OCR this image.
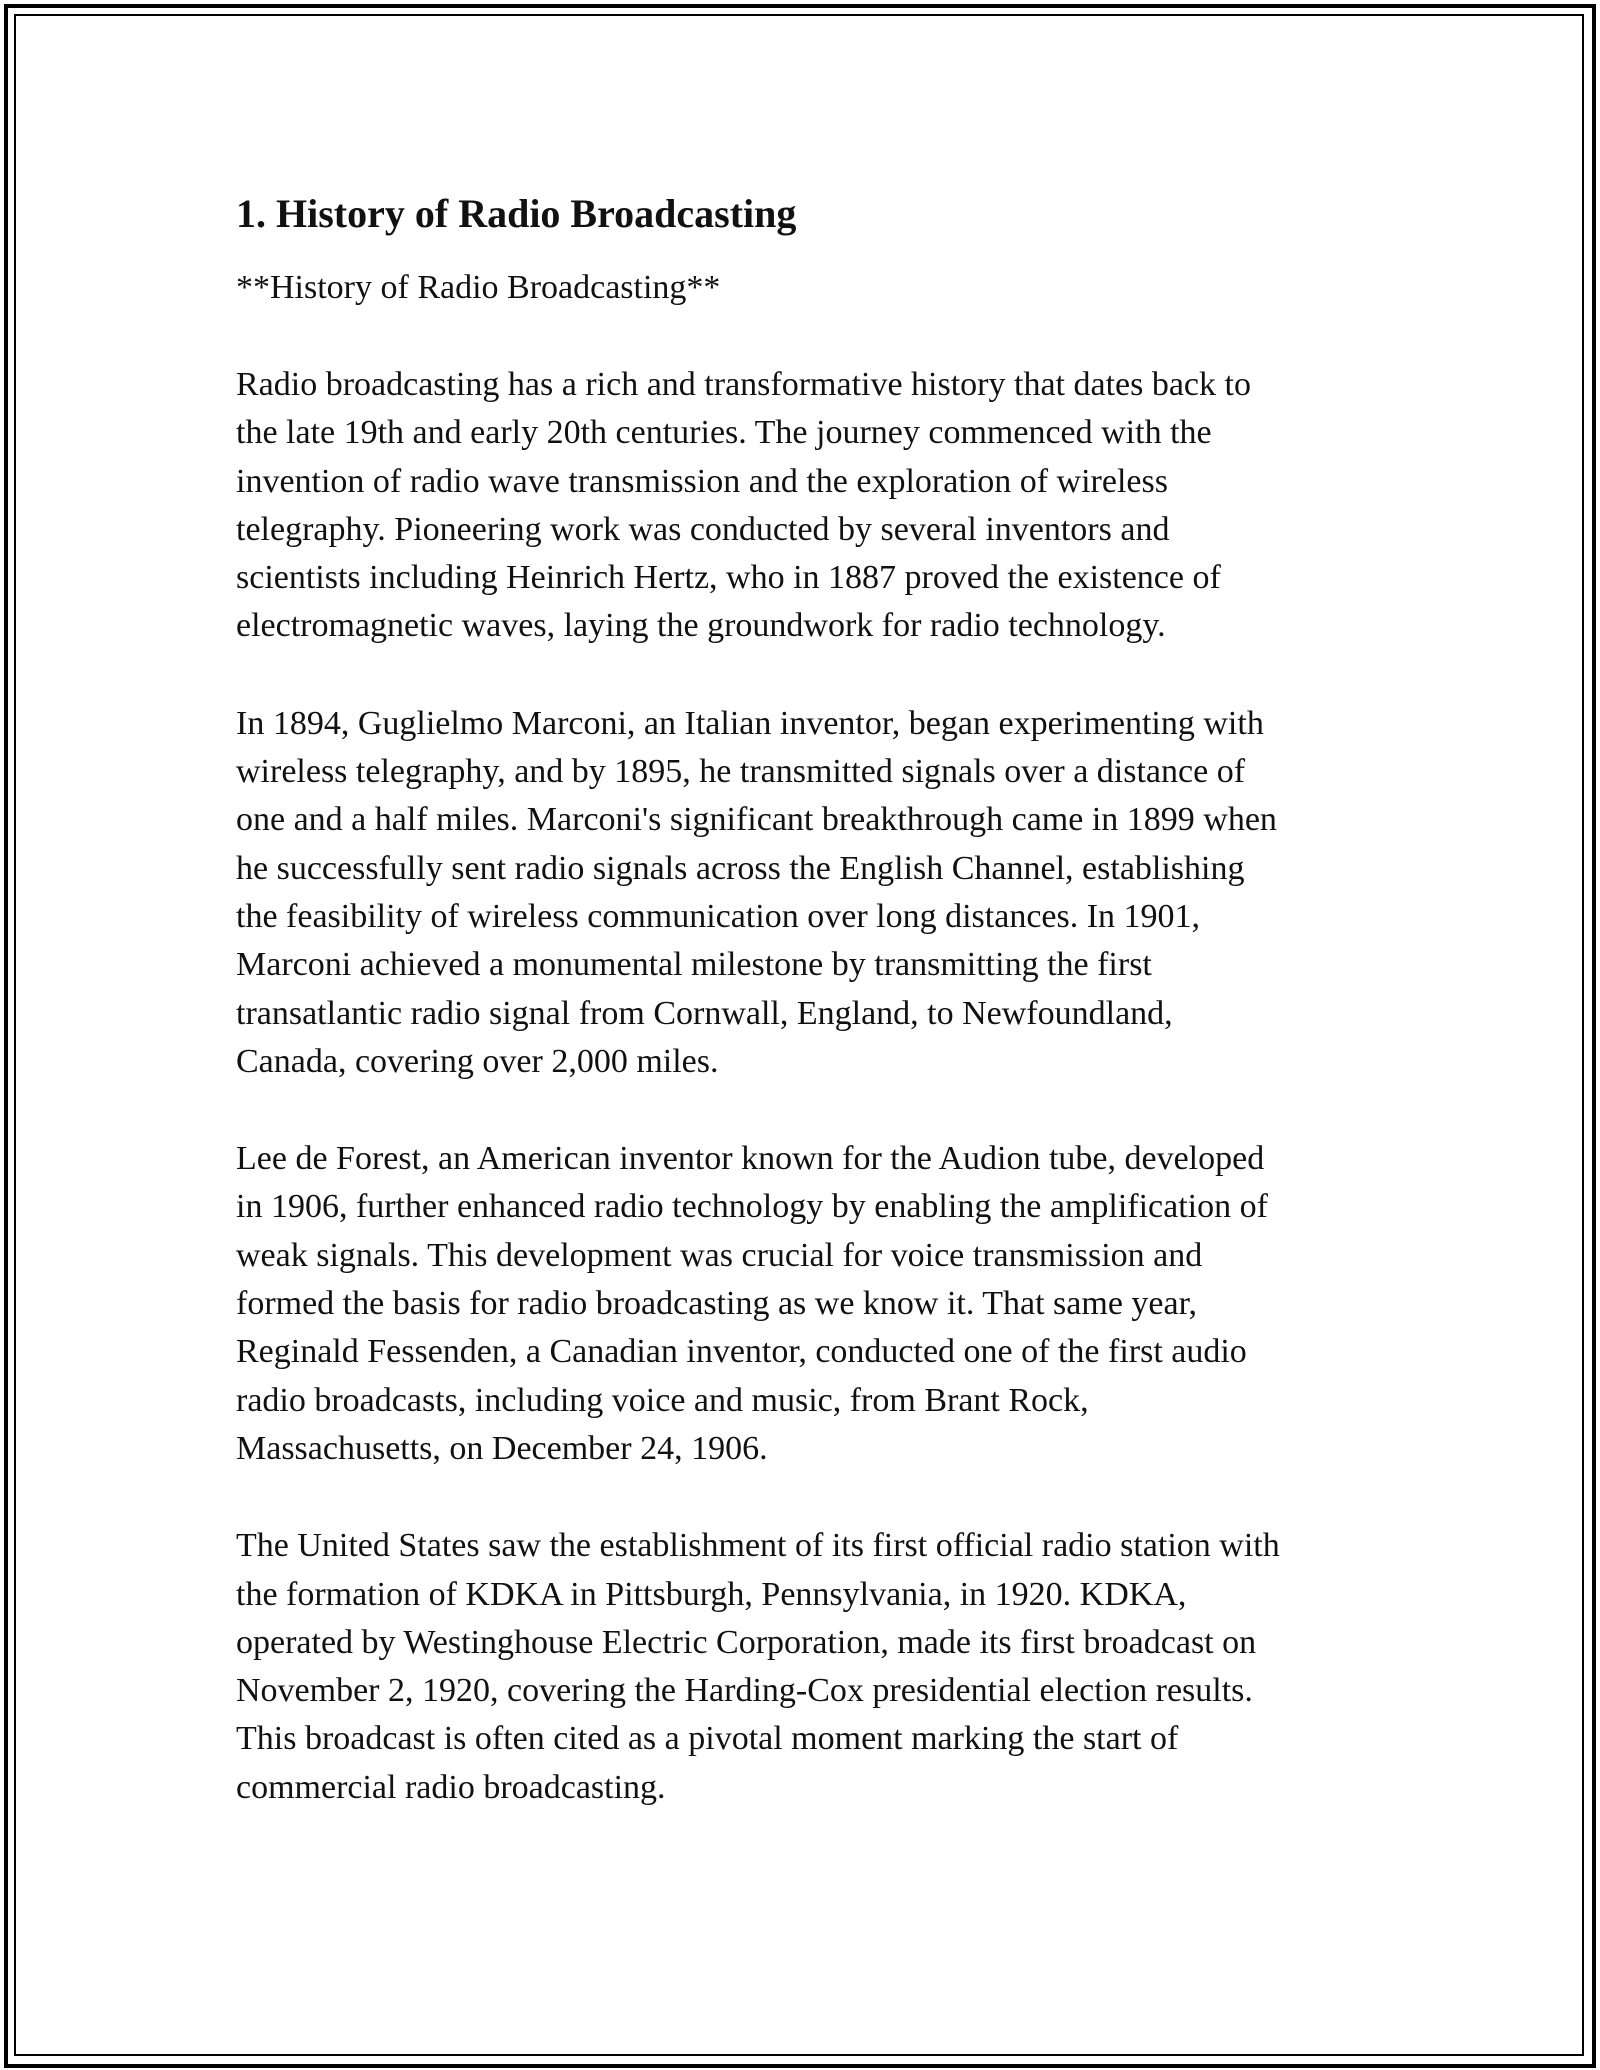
1. History of Radio Broadcasting

**History of Radio Broadcasting**

Radio broadcasting has a rich and transformative history that dates back to
the late 19th and early 20th centuries. The journey commenced with the
invention of radio wave transmission and the exploration of wireless
telegraphy. Pioneering work was conducted by several inventors and
scientists including Heinrich Hertz, who in 1887 proved the existence of
electromagnetic waves, laying the groundwork for radio technology.

In 1894, Guglielmo Marconi, an Italian inventor, began experimenting with
wireless telegraphy, and by 1895, he transmitted signals over a distance of
one and a half miles. Marconi's significant breakthrough came in 1899 when
he successfully sent radio signals across the English Channel, establishing
the feasibility of wireless communication over long distances. In 1901,
Marconi achieved a monumental milestone by transmitting the first
transatlantic radio signal from Cornwall, England, to Newfoundland,
Canada, covering over 2,000 miles.

Lee de Forest, an American inventor known for the Audion tube, developed
in 1906, further enhanced radio technology by enabling the amplification of
weak signals. This development was crucial for voice transmission and
formed the basis for radio broadcasting as we know it. That same year,
Reginald Fessenden, a Canadian inventor, conducted one of the first audio
radio broadcasts, including voice and music, from Brant Rock,
Massachusetts, on December 24, 1906.

The United States saw the establishment of its first official radio station with
the formation of KDKA in Pittsburgh, Pennsylvania, in 1920. KDKA,
operated by Westinghouse Electric Corporation, made its first broadcast on
November 2, 1920, covering the Harding-Cox presidential election results.
This broadcast is often cited as a pivotal moment marking the start of
commercial radio broadcasting.
